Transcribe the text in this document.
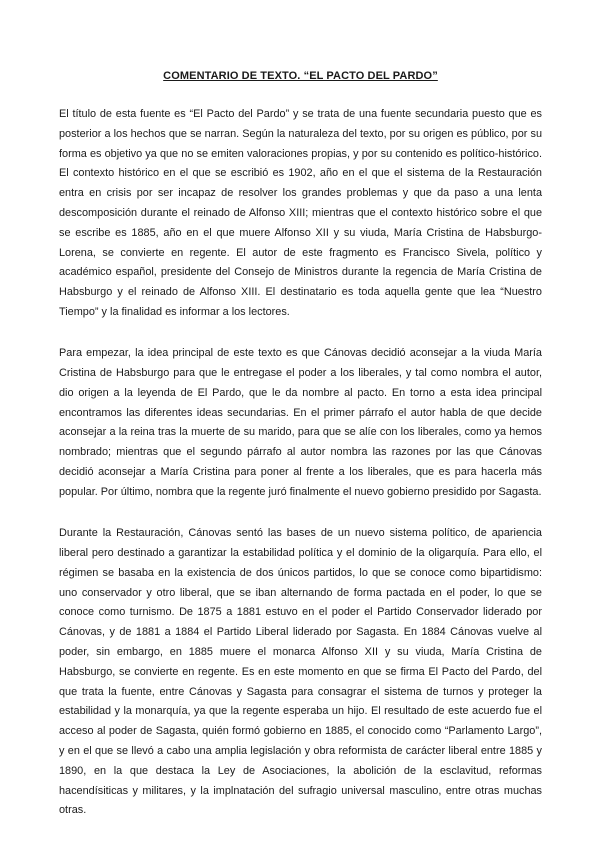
COMENTARIO DE TEXTO. “EL PACTO DEL PARDO”

El título de esta fuente es “El Pacto del Pardo” y se trata de una fuente secundaria puesto que es posterior a los hechos que se narran. Según la naturaleza del texto, por su origen es público, por su forma es objetivo ya que no se emiten valoraciones propias, y por su contenido es político-histórico. El contexto histórico en el que se escribió es 1902, año en el que el sistema de la Restauración entra en crisis por ser incapaz de resolver los grandes problemas y que da paso a una lenta descomposición durante el reinado de Alfonso XIII; mientras que el contexto histórico sobre el que se escribe es 1885, año en el que muere Alfonso XII y su viuda, María Cristina de Habsburgo-Lorena, se convierte en regente. El autor de este fragmento es Francisco Sivela, político y académico español, presidente del Consejo de Ministros durante la regencia de María Cristina de Habsburgo y el reinado de Alfonso XIII. El destinatario es toda aquella gente que lea “Nuestro Tiempo” y la finalidad es informar a los lectores.

Para empezar, la idea principal de este texto es que Cánovas decidió aconsejar a la viuda María Cristina de Habsburgo para que le entregase el poder a los liberales, y tal como nombra el autor, dio origen a la leyenda de El Pardo, que le da nombre al pacto. En torno a esta idea principal encontramos las diferentes ideas secundarias. En el primer párrafo el autor habla de que decide aconsejar a la reina tras la muerte de su marido, para que se alíe con los liberales, como ya hemos nombrado; mientras que el segundo párrafo al autor nombra las razones por las que Cánovas decidió aconsejar a María Cristina para poner al frente a los liberales, que es para hacerla más popular. Por último, nombra que la regente juró finalmente el nuevo gobierno presidido por Sagasta.

Durante la Restauración, Cánovas sentó las bases de un nuevo sistema político, de apariencia liberal pero destinado a garantizar la estabilidad política y el dominio de la oligarquía. Para ello, el régimen se basaba en la existencia de dos únicos partidos, lo que se conoce como bipartidismo: uno conservador y otro liberal, que se iban alternando de forma pactada en el poder, lo que se conoce como turnismo. De 1875 a 1881 estuvo en el poder el Partido Conservador liderado por Cánovas, y de 1881 a 1884 el Partido Liberal liderado por Sagasta. En 1884 Cánovas vuelve al poder, sin embargo, en 1885 muere el monarca Alfonso XII y su viuda, María Cristina de Habsburgo, se convierte en regente. Es en este momento en que se firma El Pacto del Pardo, del que trata la fuente, entre Cánovas y Sagasta para consagrar el sistema de turnos y proteger la estabilidad y la monarquía, ya que la regente esperaba un hijo. El resultado de este acuerdo fue el acceso al poder de Sagasta, quién formó gobierno en 1885, el conocido como “Parlamento Largo”, y en el que se llevó a cabo una amplia legislación y obra reformista de carácter liberal entre 1885 y 1890, en la que destaca la Ley de Asociaciones, la abolición de la esclavitud, reformas hacendísiticas y militares, y la implnatación del sufragio universal masculino, entre otras muchas otras.
